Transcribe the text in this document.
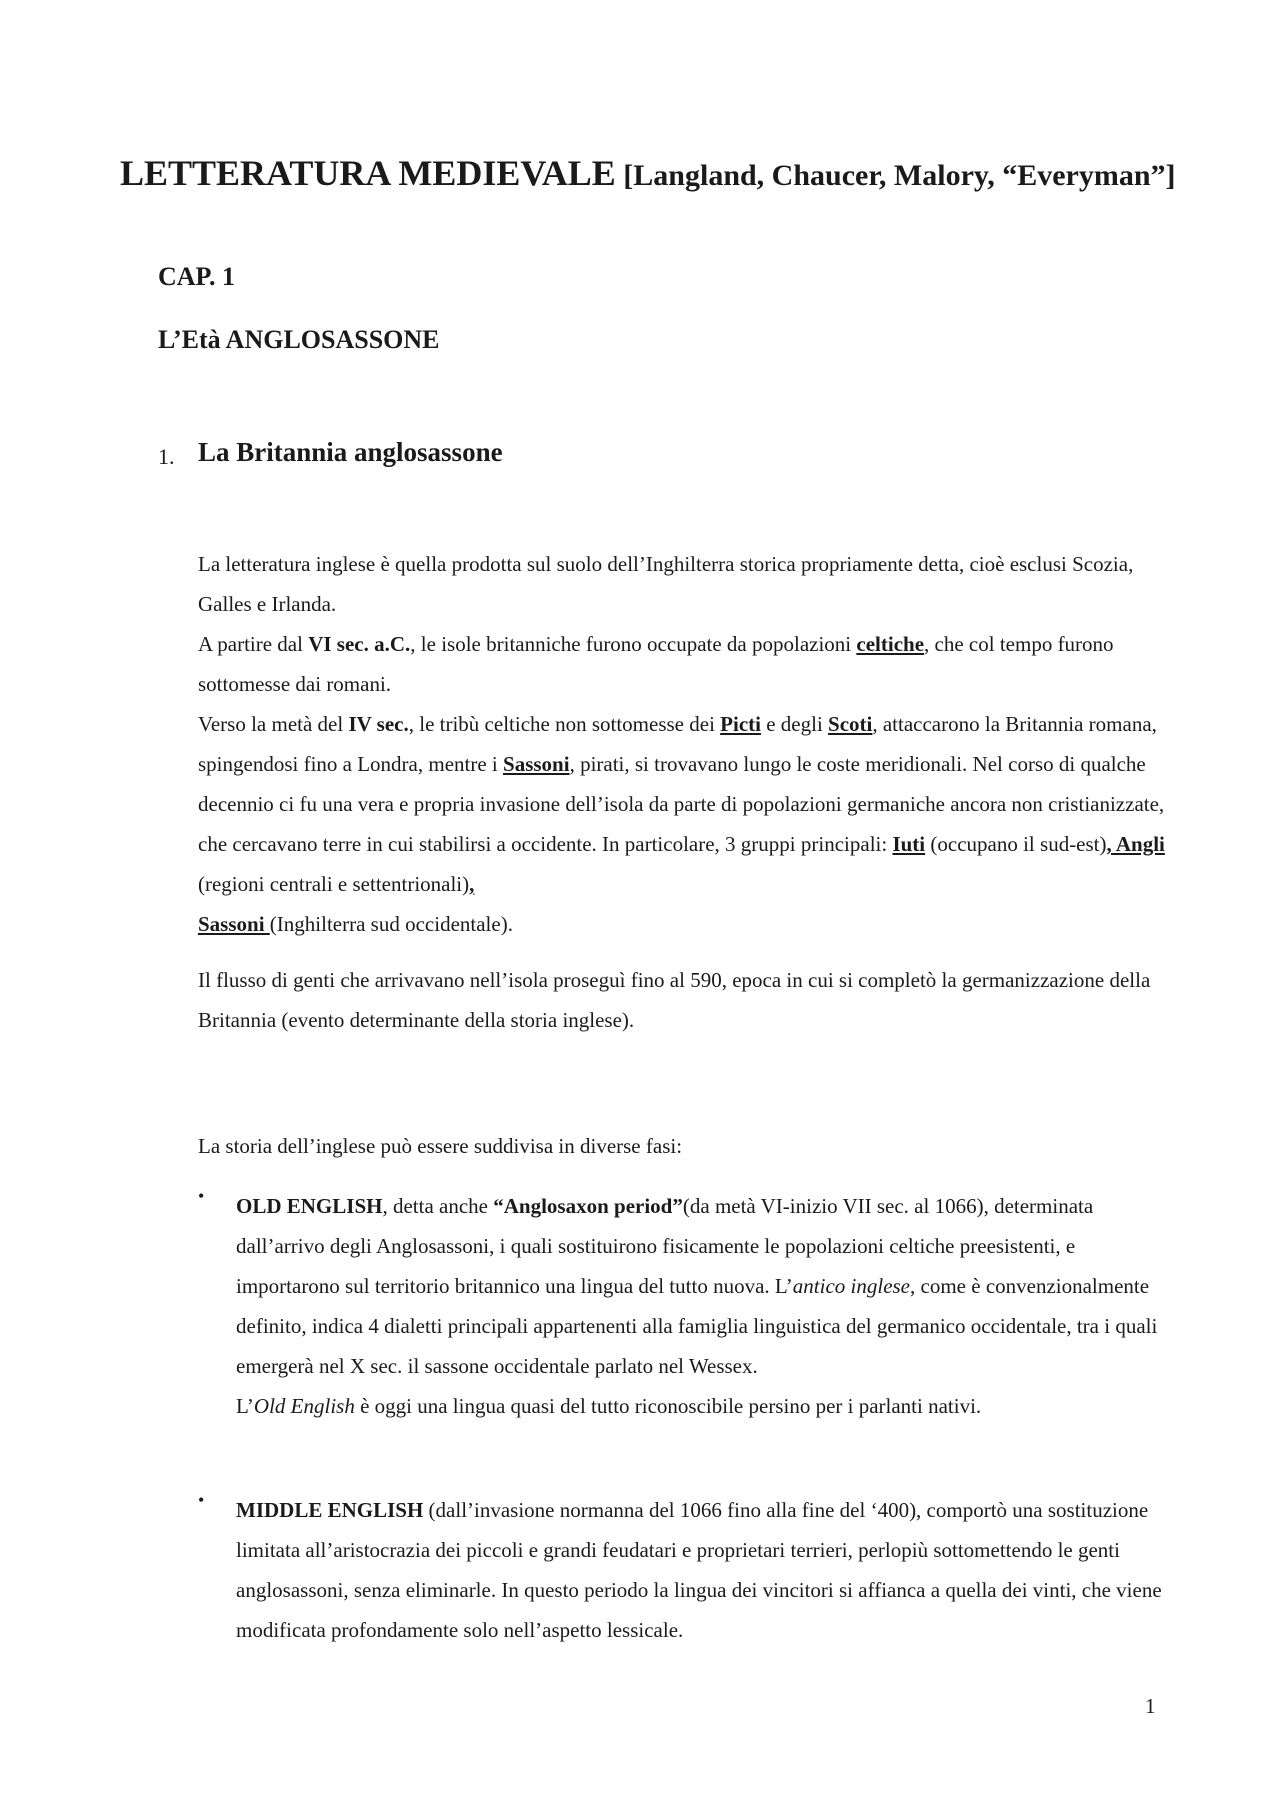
LETTERATURA MEDIEVALE [Langland, Chaucer, Malory, “Everyman”]
CAP. 1
L’Età ANGLOSASSONE
1. La Britannia anglosassone

La letteratura inglese è quella prodotta sul suolo dell’Inghilterra storica propriamente detta, cioè esclusi Scozia, Galles e Irlanda.
A partire dal VI sec. a.C., le isole britanniche furono occupate da popolazioni celtiche, che col tempo furono sottomesse dai romani.
Verso la metà del IV sec., le tribù celtiche non sottomesse dei Picti e degli Scoti, attaccarono la Britannia romana, spingendosi fino a Londra, mentre i Sassoni, pirati, si trovavano lungo le coste meridionali. Nel corso di qualche decennio ci fu una vera e propria invasione dell’isola da parte di popolazioni germaniche ancora non cristianizzate, che cercavano terre in cui stabilirsi a occidente. In particolare, 3 gruppi principali: Iuti (occupano il sud-est), Angli (regioni centrali e settentrionali),
Sassoni (Inghilterra sud occidentale).

Il flusso di genti che arrivavano nell’isola proseguì fino al 590, epoca in cui si completò la germanizzazione della Britannia (evento determinante della storia inglese).

La storia dell’inglese può essere suddivisa in diverse fasi:

• OLD ENGLISH, detta anche “Anglosaxon period”(da metà VI-inizio VII sec. al 1066), determinata dall’arrivo degli Anglosassoni, i quali sostituirono fisicamente le popolazioni celtiche preesistenti, e importarono sul territorio britannico una lingua del tutto nuova. L’antico inglese, come è convenzionalmente definito, indica 4 dialetti principali appartenenti alla famiglia linguistica del germanico occidentale, tra i quali emergerà nel X sec. il sassone occidentale parlato nel Wessex.
L’Old English è oggi una lingua quasi del tutto riconoscibile persino per i parlanti nativi.

• MIDDLE ENGLISH (dall’invasione normanna del 1066 fino alla fine del ‘400), comportò una sostituzione limitata all’aristocrazia dei piccoli e grandi feudatari e proprietari terrieri, perlopiù sottomettendo le genti anglosassoni, senza eliminarle. In questo periodo la lingua dei vincitori si affianca a quella dei vinti, che viene modificata profondamente solo nell’aspetto lessicale.

1
